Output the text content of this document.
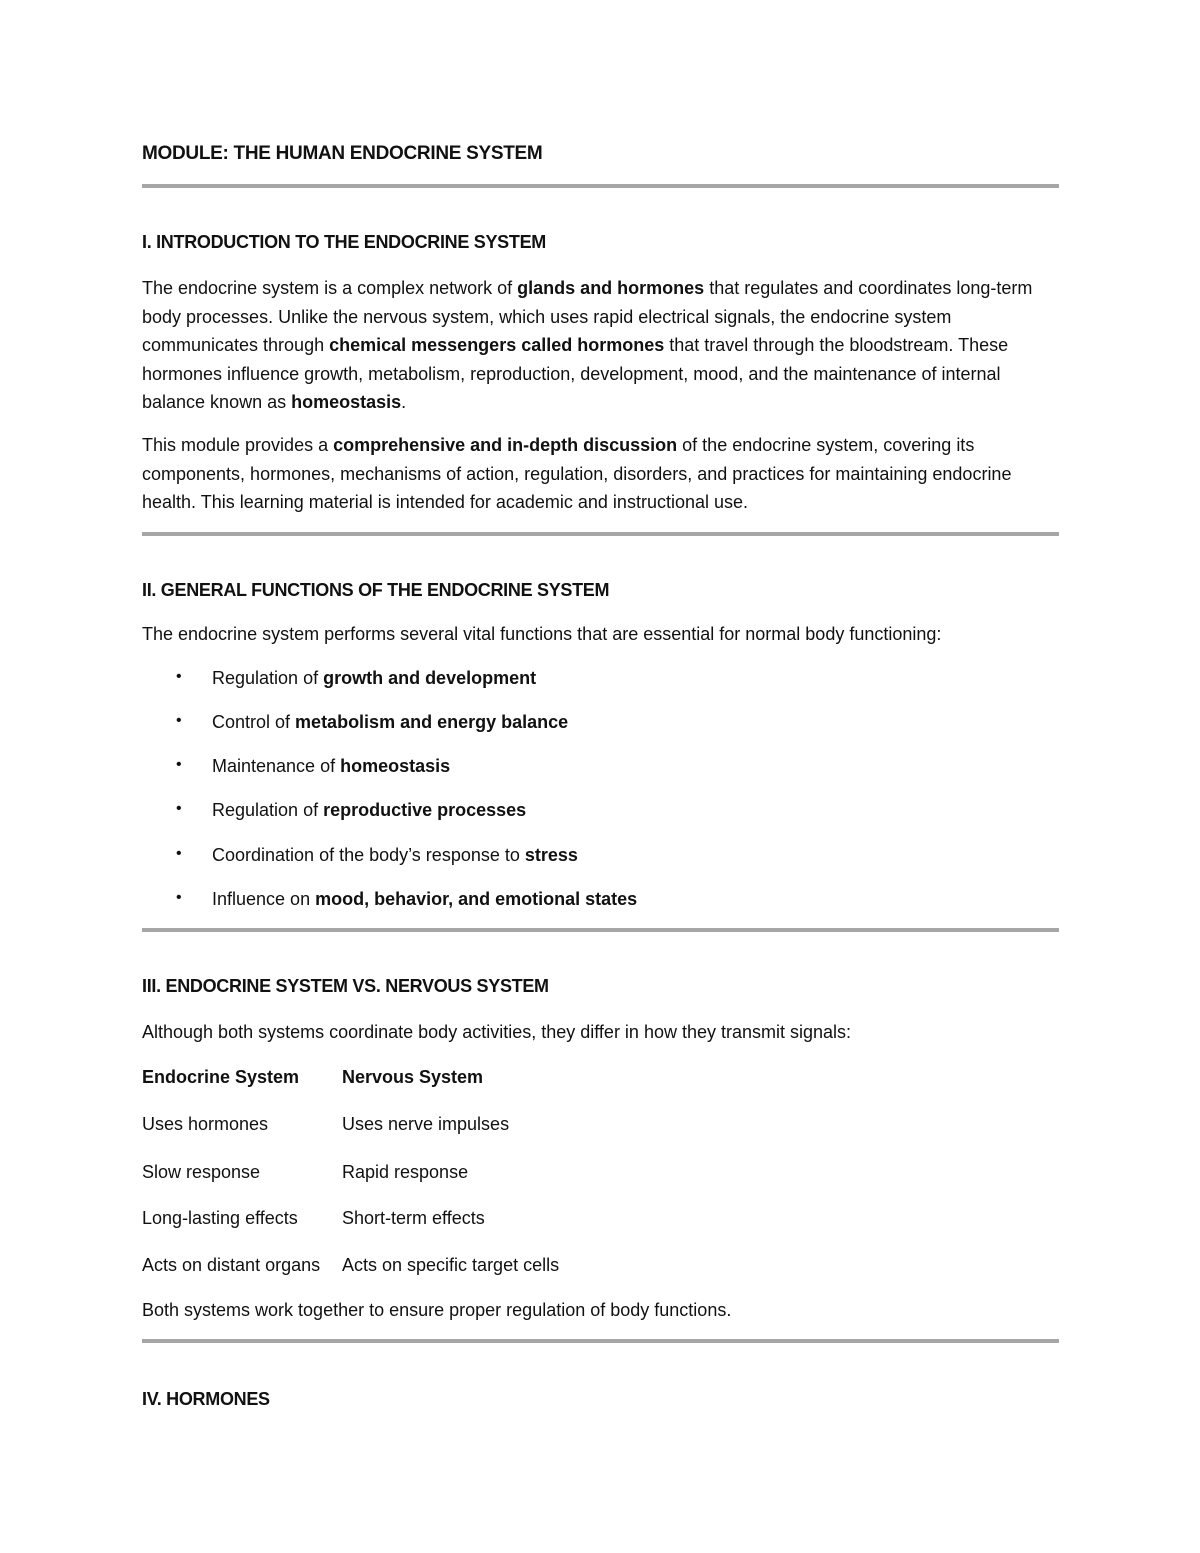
MODULE: THE HUMAN ENDOCRINE SYSTEM
I. INTRODUCTION TO THE ENDOCRINE SYSTEM
The endocrine system is a complex network of glands and hormones that regulates and coordinates long-term body processes. Unlike the nervous system, which uses rapid electrical signals, the endocrine system communicates through chemical messengers called hormones that travel through the bloodstream. These hormones influence growth, metabolism, reproduction, development, mood, and the maintenance of internal balance known as homeostasis.
This module provides a comprehensive and in-depth discussion of the endocrine system, covering its components, hormones, mechanisms of action, regulation, disorders, and practices for maintaining endocrine health. This learning material is intended for academic and instructional use.
II. GENERAL FUNCTIONS OF THE ENDOCRINE SYSTEM
The endocrine system performs several vital functions that are essential for normal body functioning:
• Regulation of growth and development
• Control of metabolism and energy balance
• Maintenance of homeostasis
• Regulation of reproductive processes
• Coordination of the body’s response to stress
• Influence on mood, behavior, and emotional states
III. ENDOCRINE SYSTEM VS. NERVOUS SYSTEM
Although both systems coordinate body activities, they differ in how they transmit signals:
Endocrine System Nervous System
Uses hormones	Uses nerve impulses
Slow response	Rapid response
Long-lasting effects Short-term effects
Acts on distant organs Acts on specific target cells
Both systems work together to ensure proper regulation of body functions.
IV. HORMONES
